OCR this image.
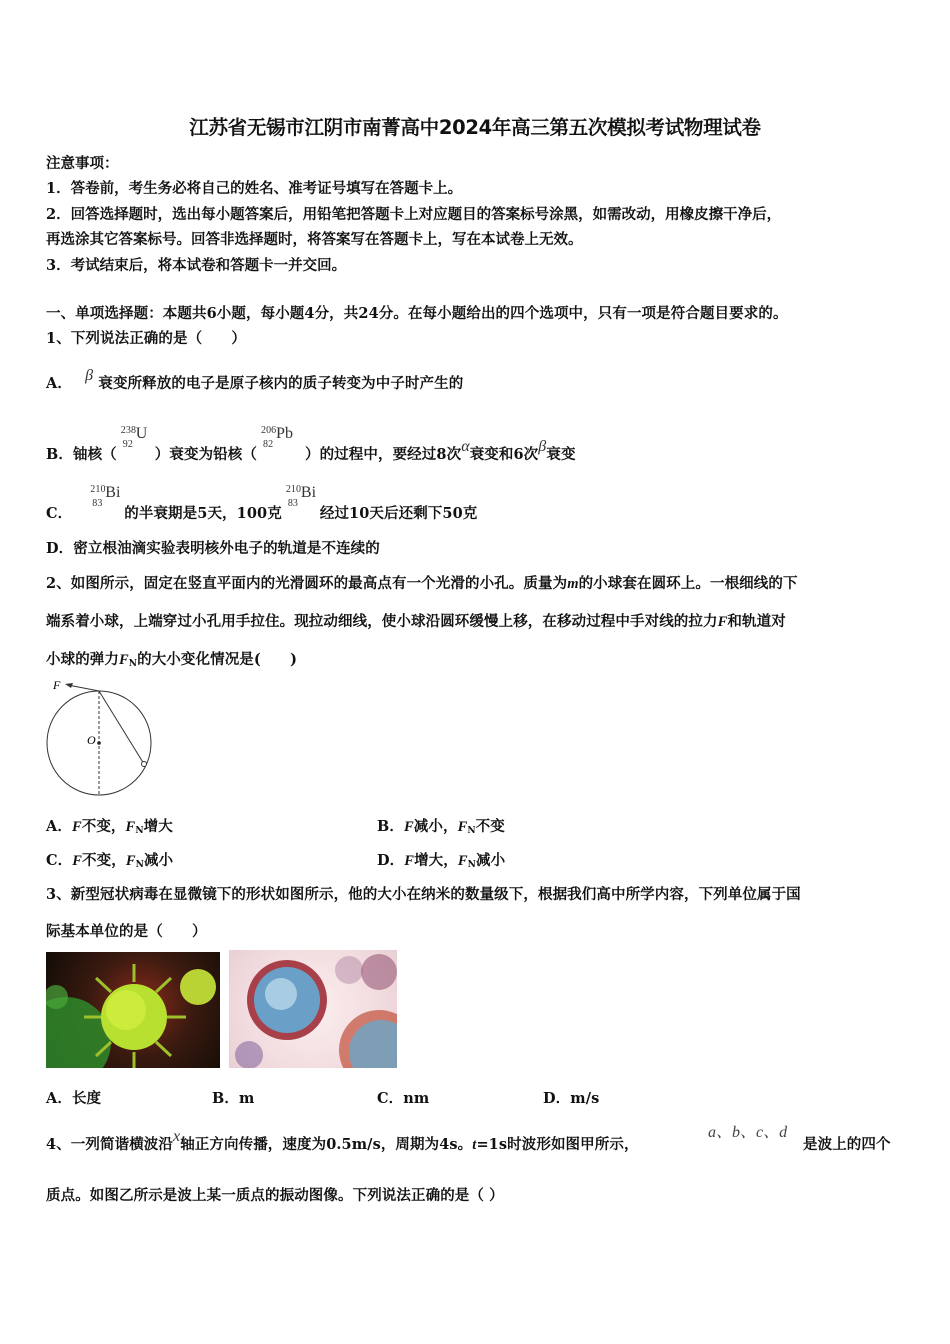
江苏省无锡市江阴市南菁高中2024年高三第五次模拟考试物理试卷
注意事项：
1．答卷前，考生务必将自己的姓名、准考证号填写在答题卡上。
2．回答选择题时，选出每小题答案后，用铅笔把答题卡上对应题目的答案标号涂黑，如需改动，用橡皮擦干净后，
再选涂其它答案标号。回答非选择题时，将答案写在答题卡上，写在本试卷上无效。
3．考试结束后，将本试卷和答题卡一并交回。
一、单项选择题：本题共6小题，每小题4分，共24分。在每小题给出的四个选项中，只有一项是符合题目要求的。
1、下列说法正确的是（　　）
A． β 衰变所释放的电子是原子核内的质子转变为中子时产生的
B．铀核（
238
92
U
）衰变为铅核（
206
82
Pb
）的过程中，要经过8次α衰变和6次β衰变
C．
210
83
Bi
的半衰期是5天，100克
210
83
Bi
经过10天后还剩下50克
D．密立根油滴实验表明核外电子的轨道是不连续的
2、如图所示，固定在竖直平面内的光滑圆环的最高点有一个光滑的小孔。质量为m的小球套在圆环上。一根细线的下
端系着小球，上端穿过小孔用手拉住。现拉动细线，使小球沿圆环缓慢上移，在移动过程中手对线的拉力F和轨道对
小球的弹力$F_N$的大小变化情况是(　　)
F
O
A．F不变，$F_N$增大	B．F减小，$F_N$不变
C．F不变，$F_N$减小	D．F增大，$F_N$减小
3、新型冠状病毒在显微镜下的形状如图所示，他的大小在纳米的数量级下，根据我们高中所学内容，下列单位属于国
际基本单位的是（　　）
A．长度	B．m	C．nm	D．m/s
4、一列简谐横波沿x轴正方向传播，速度为0.5m/s，周期为4s。t=1s时波形如图甲所示，
a、b、c、d
是波上的四个
质点。如图乙所示是波上某一质点的振动图像。下列说法正确的是（ ）
